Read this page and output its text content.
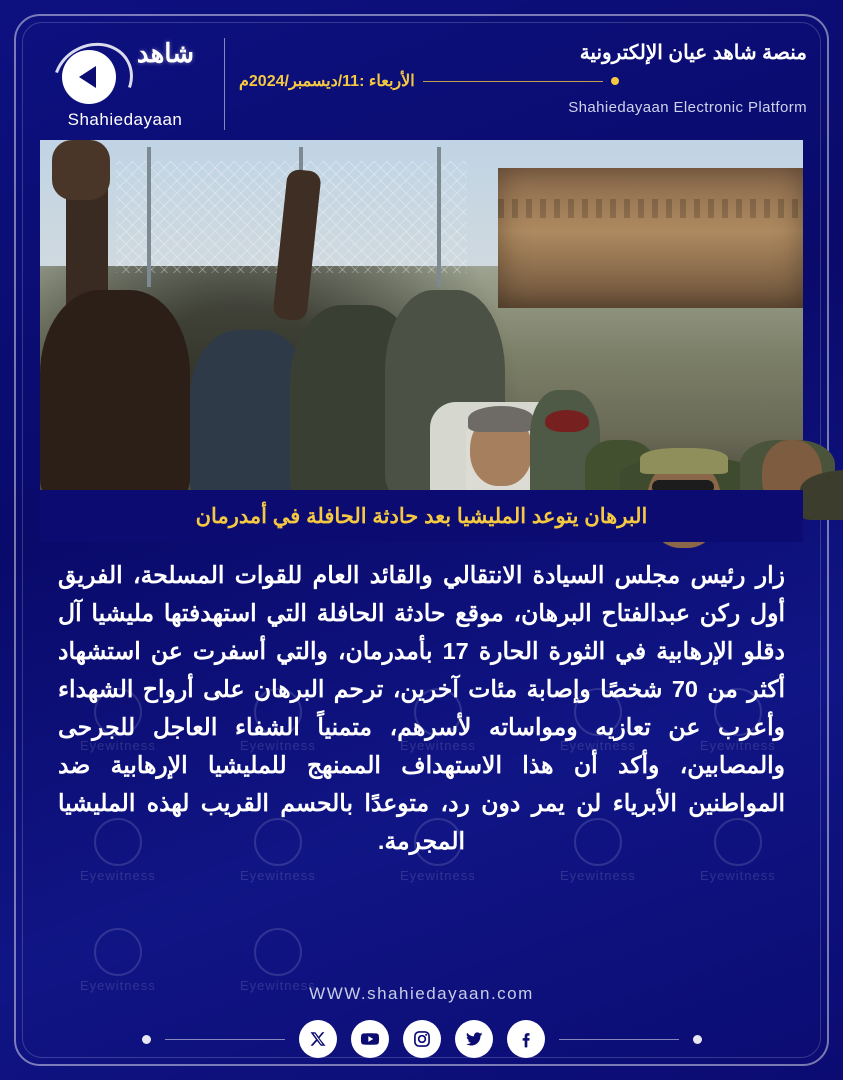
شاهد
Shahiedayaan
منصة شاهد عيان الإلكترونية
الأربعاء :11/ديسمبر/2024م
Shahiedayaan Electronic Platform
البرهان يتوعد المليشيا بعد حادثة الحافلة في أمدرمان
Eyewitness	Eyewitness	Eyewitness	Eyewitness	Eyewitness
Eyewitness	Eyewitness	Eyewitness	Eyewitness	Eyewitness
Eyewitness	Eyewitness
زار رئيس مجلس السيادة الانتقالي والقائد العام للقوات المسلحة، الفريق أول ركن عبدالفتاح البرهان، موقع حادثة الحافلة التي استهدفتها مليشيا آل دقلو الإرهابية في الثورة الحارة 17 بأمدرمان، والتي أسفرت عن استشهاد أكثر من 70 شخصًا وإصابة مئات آخرين، ترحم البرهان على أرواح الشهداء وأعرب عن تعازيه ومواساته لأسرهم، متمنياً الشفاء العاجل للجرحى والمصابين، وأكد أن هذا الاستهداف الممنهج للمليشيا الإرهابية ضد المواطنين الأبرياء لن يمر دون رد، متوعدًا بالحسم القريب لهذه المليشيا المجرمة.
WWW.shahiedayaan.com
